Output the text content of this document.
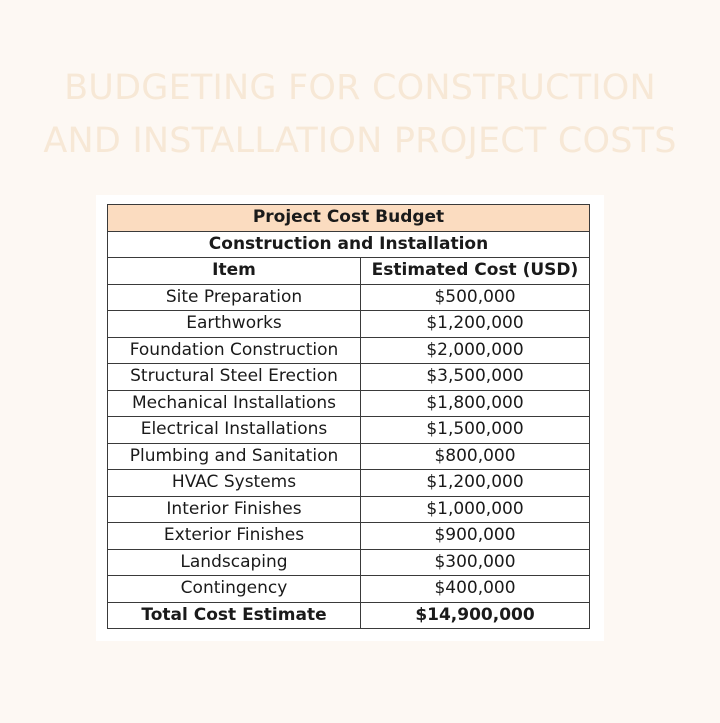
BUDGETING FOR CONSTRUCTION
AND INSTALLATION PROJECT COSTS
Project Cost Budget	
Construction and Installation	
Item	Estimated Cost (USD)
Site Preparation	$500,000
Earthworks	$1,200,000
Foundation Construction	$2,000,000
Structural Steel Erection	$3,500,000
Mechanical Installations	$1,800,000
Electrical Installations	$1,500,000
Plumbing and Sanitation	$800,000
HVAC Systems	$1,200,000
Interior Finishes	$1,000,000
Exterior Finishes	$900,000
Landscaping	$300,000
Contingency	$400,000
Total Cost Estimate	$14,900,000
